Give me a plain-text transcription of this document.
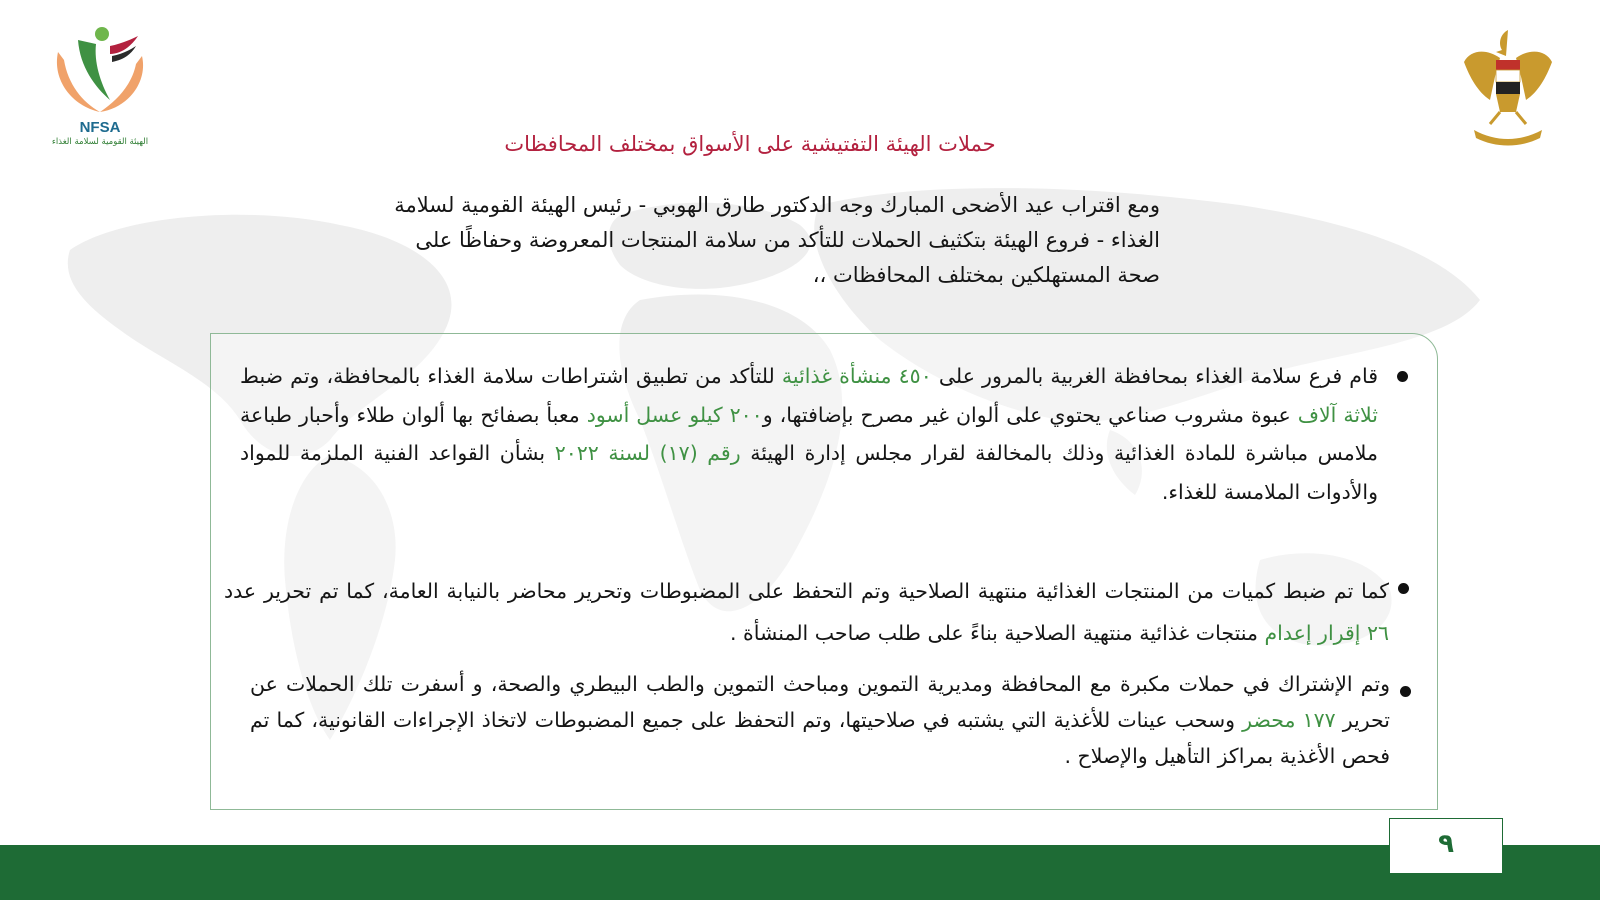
NFSA
الهيئة القومية لسلامة الغذاء	حملات الهيئة التفتيشية على الأسواق بمختلف المحافظات
ومع اقتراب عيد الأضحى المبارك وجه الدكتور طارق الهوبي - رئيس الهيئة القومية لسلامة الغذاء - فروع الهيئة بتكثيف الحملات للتأكد من سلامة المنتجات المعروضة وحفاظًا على صحة المستهلكين بمختلف المحافظات ،،
قام فرع سلامة الغذاء بمحافظة الغربية بالمرور على ٤٥٠ منشأة غذائية للتأكد من تطبيق اشتراطات سلامة الغذاء بالمحافظة، وتم ضبط ثلاثة آلاف عبوة مشروب صناعي يحتوي على ألوان غير مصرح بإضافتها، و٢٠٠ كيلو عسل أسود معبأ بصفائح بها ألوان طلاء وأحبار طباعة ملامس مباشرة للمادة الغذائية وذلك بالمخالفة لقرار مجلس إدارة الهيئة رقم (١٧) لسنة ٢٠٢٢ بشأن القواعد الفنية الملزمة للمواد والأدوات الملامسة للغذاء.
كما تم ضبط كميات من المنتجات الغذائية منتهية الصلاحية وتم التحفظ على المضبوطات وتحرير محاضر بالنيابة العامة، كما تم تحرير عدد ٢٦ إقرار إعدام منتجات غذائية منتهية الصلاحية بناءً على طلب صاحب المنشأة .
وتم الإشتراك في حملات مكبرة مع المحافظة ومديرية التموين ومباحث التموين والطب البيطري والصحة، و أسفرت تلك الحملات عن تحرير ١٧٧ محضر وسحب عينات للأغذية التي يشتبه في صلاحيتها، وتم التحفظ على جميع المضبوطات لاتخاذ الإجراءات القانونية، كما تم فحص الأغذية بمراكز التأهيل والإصلاح .
٩
